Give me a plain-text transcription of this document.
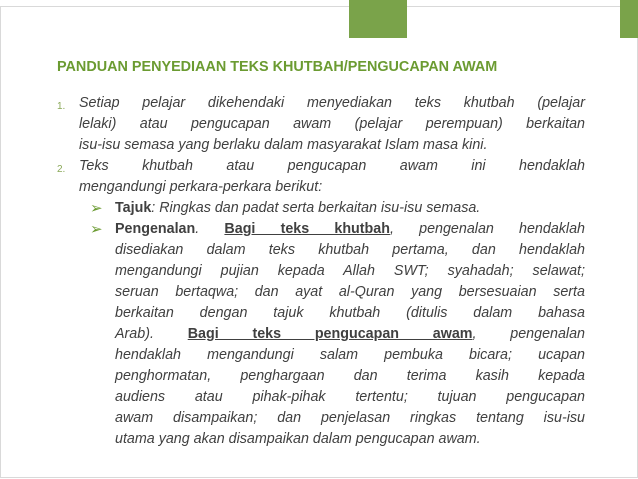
PANDUAN PENYEDIAAN TEKS KHUTBAH/PENGUCAPAN AWAM
1. Setiap pelajar dikehendaki menyediakan teks khutbah (pelajar
lelaki) atau pengucapan awam (pelajar perempuan) berkaitan
isu-isu semasa yang berlaku dalam masyarakat Islam masa kini.
2. Teks khutbah atau pengucapan awam ini hendaklah
mengandungi perkara-perkara berikut:
➢ Tajuk: Ringkas dan padat serta berkaitan isu-isu semasa.
➢ Pengenalan. Bagi teks khutbah, pengenalan hendaklah
disediakan dalam teks khutbah pertama, dan hendaklah
mengandungi pujian kepada Allah SWT; syahadah; selawat;
seruan bertaqwa; dan ayat al-Quran yang bersesuaian serta
berkaitan dengan tajuk khutbah (ditulis dalam bahasa
Arab). Bagi teks pengucapan awam, pengenalan
hendaklah mengandungi salam pembuka bicara; ucapan
penghormatan, penghargaan dan terima kasih kepada
audiens atau pihak-pihak tertentu; tujuan pengucapan
awam disampaikan; dan penjelasan ringkas tentang isu-isu
utama yang akan disampaikan dalam pengucapan awam.
